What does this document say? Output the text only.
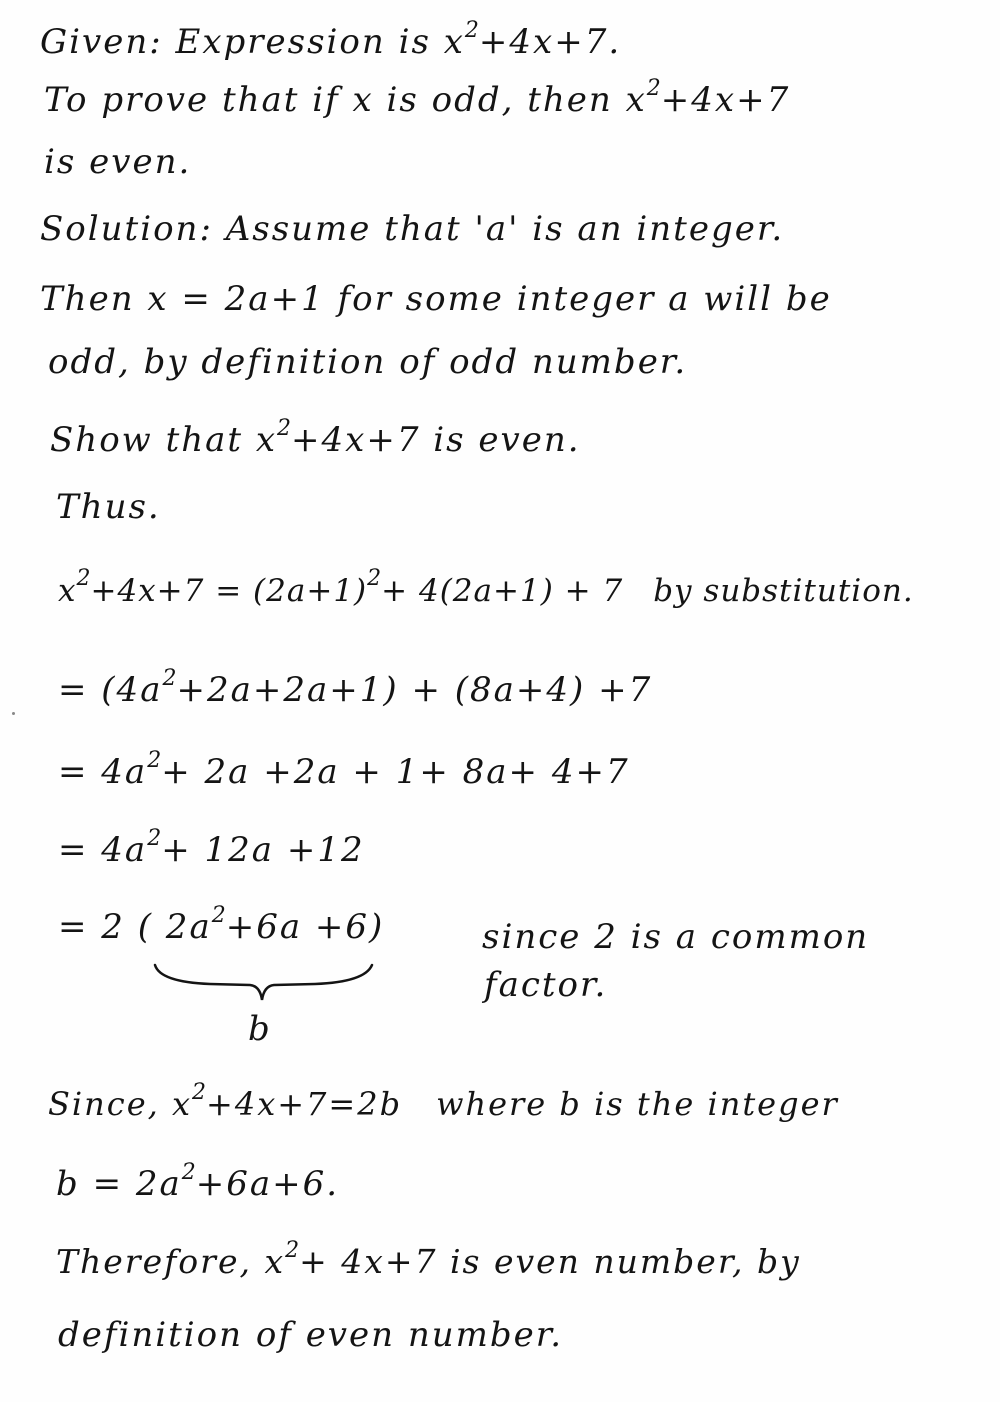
Given: Expression is $x^2+4x+7$.
To prove that if x is odd, then $x^2+4x+7$
is even.
Solution: Assume that 'a' is an integer.
Then x = 2a+1 for some integer a will be
odd, by definition of odd number.
Show that $x^2+4x+7$ is even.
Thus.
$x^2+4x+7 = (2a+1)^2+ 4(2a+1) + 7$ by substitution.
= $(4a^2+2a+2a+1) + (8a+4) +7$
= $4a^2+ 2a +2a + 1+ 8a+ 4+7$
= $4a^2+ 12a +12$
= 2 ( $2a^2+6a +6$)	since 2 is a common
factor.
b
Since, $x^2+4x+7=2b$ where b is the integer
$b = 2a^2+6a+6$.
Therefore, $x^2+ 4x+7$ is even number, by
definition of even number.
